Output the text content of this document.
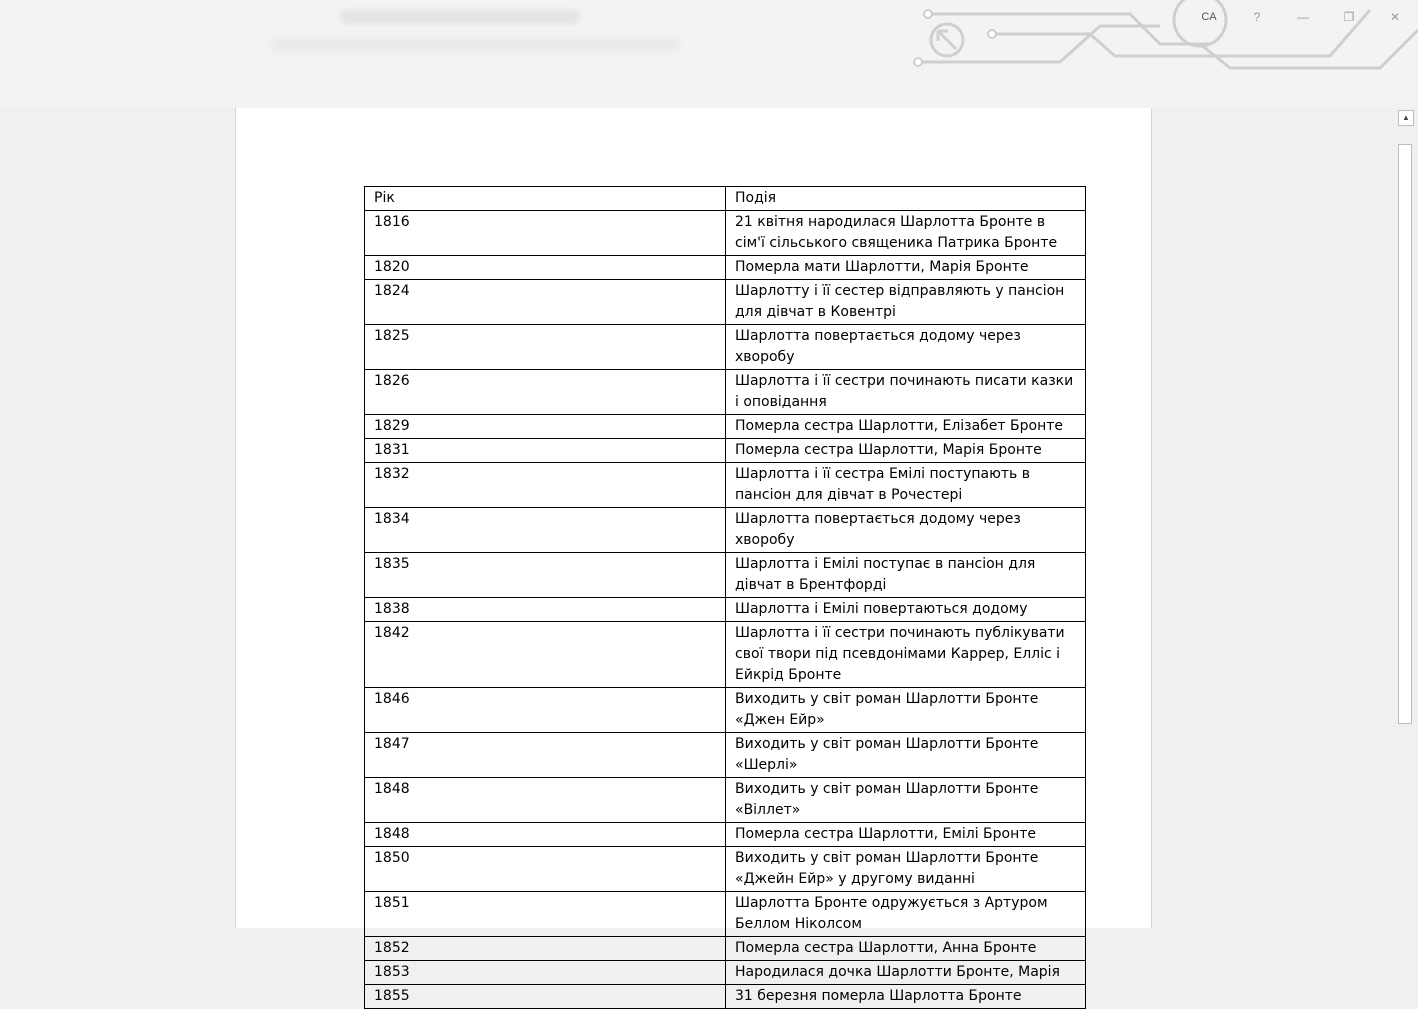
CA	?	—	❐	✕
Рік	Подія
1816	21 квітня народилася Шарлотта Бронте в сім'ї сільського священика Патрика Бронте
1820	Померла мати Шарлотти, Марія Бронте
1824	Шарлотту і її сестер відправляють у пансіон для дівчат в Ковентрі
1825	Шарлотта повертається додому через хворобу
1826	Шарлотта і її сестри починають писати казки і оповідання
1829	Померла сестра Шарлотти, Елізабет Бронте
1831	Померла сестра Шарлотти, Марія Бронте
1832	Шарлотта і її сестра Емілі поступають в пансіон для дівчат в Рочестері
1834	Шарлотта повертається додому через хворобу
1835	Шарлотта і Емілі поступає в пансіон для дівчат в Брентфорді
1838	Шарлотта і Емілі повертаються додому
1842	Шарлотта і її сестри починають публікувати свої твори під псевдонімами Каррер, Елліс і Ейкрід Бронте
1846	Виходить у світ роман Шарлотти Бронте «Джен Ейр»
1847	Виходить у світ роман Шарлотти Бронте «Шерлі»
1848	Виходить у світ роман Шарлотти Бронте «Віллет»
1848	Померла сестра Шарлотти, Емілі Бронте
1850	Виходить у світ роман Шарлотти Бронте «Джейн Ейр» у другому виданні
1851	Шарлотта Бронте одружується з Артуром Беллом Ніколсом
1852	Померла сестра Шарлотти, Анна Бронте
1853	Народилася дочка Шарлотти Бронте, Марія
1855	31 березня померла Шарлотта Бронте
▲
